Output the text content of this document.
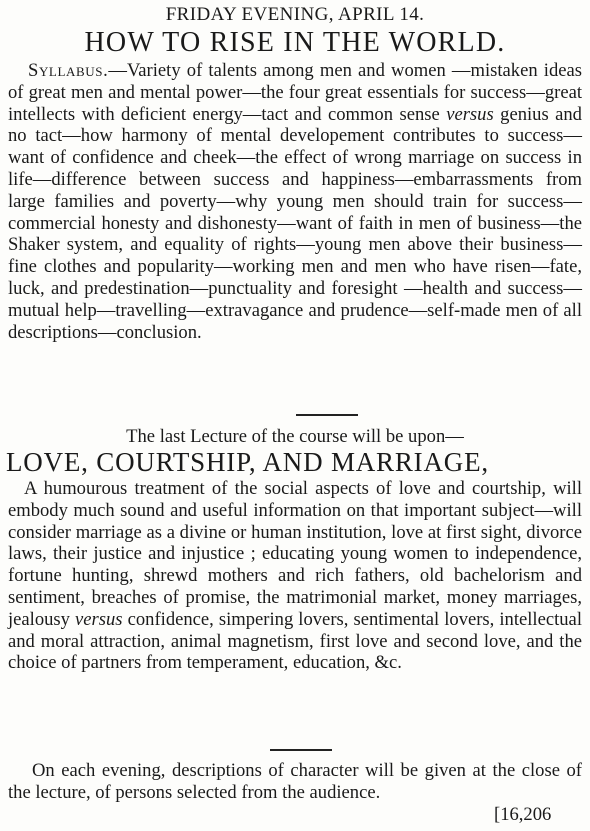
FRIDAY EVENING, APRIL 14.
HOW TO RISE IN THE WORLD.
Syllabus.—Variety of talents among men and women —mistaken ideas of great men and mental power—the four great essentials for success—great intellects with deficient energy—tact and common sense versus genius and no tact—how harmony of mental developement contributes to success—want of confidence and cheek—the effect of wrong marriage on success in life—difference between success and happiness—embarrassments from large families and poverty—why young men should train for success—commercial honesty and dishonesty—want of faith in men of business—the Shaker system, and equality of rights—young men above their business—fine clothes and popularity—working men and men who have risen—fate, luck, and predestination—punctuality and foresight —health and success—mutual help—travelling—extravagance and prudence—self-made men of all descriptions—conclusion.
The last Lecture of the course will be upon—
LOVE, COURTSHIP, AND MARRIAGE,
A humourous treatment of the social aspects of love and courtship, will embody much sound and useful information on that important subject—will consider marriage as a divine or human institution, love at first sight, divorce laws, their justice and injustice ; educating young women to independence, fortune hunting, shrewd mothers and rich fathers, old bachelorism and sentiment, breaches of promise, the matrimonial market, money marriages, jealousy versus confidence, simpering lovers, sentimental lovers, intellectual and moral attraction, animal magnetism, first love and second love, and the choice of partners from temperament, education, &c.
On each evening, descriptions of character will be given at the close of the lecture, of persons selected from the audience.
[16,206
